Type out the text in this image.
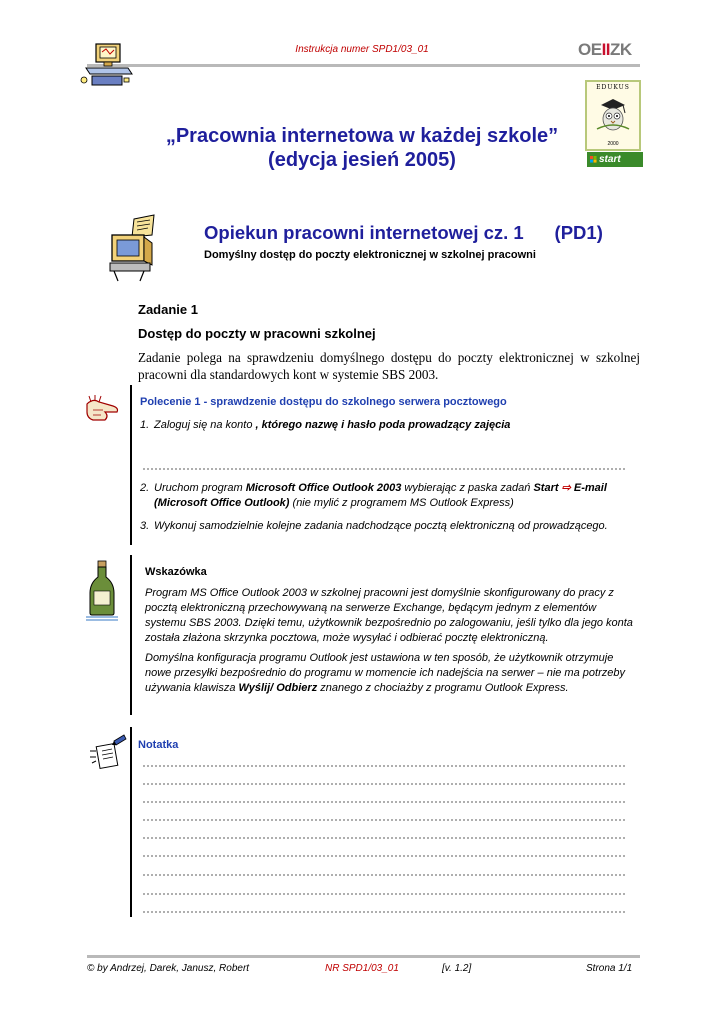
Instrukcja numer SPD1/03_01	OEIIZK
EDUKUS
2000
start
„Pracownia internetowa w każdej szkole”
(edycja jesień 2005)
Opiekun pracowni internetowej cz. 1      (PD1)
Domyślny dostęp do poczty elektronicznej w szkolnej pracowni
Zadanie 1
Dostęp do poczty w pracowni szkolnej
Zadanie polega na sprawdzeniu domyślnego dostępu do poczty elektronicznej w szkolnej pracowni dla standardowych kont w systemie SBS 2003.
Polecenie 1 - sprawdzenie dostępu do szkolnego serwera pocztowego
1. Zaloguj się na konto , którego nazwę i hasło poda prowadzący zajęcia
2. Uruchom program Microsoft Office Outlook 2003 wybierając z paska zadań Start ⇨ E-mail
(Microsoft Office Outlook) (nie mylić z programem MS Outlook Express)
3. Wykonuj samodzielnie kolejne zadania nadchodzące pocztą elektroniczną od prowadzącego.
Wskazówka
Program MS Office Outlook 2003 w szkolnej pracowni jest domyślnie skonfigurowany do pracy z pocztą elektroniczną przechowywaną na serwerze Exchange, będącym jednym z elementów systemu SBS 2003. Dzięki temu, użytkownik bezpośrednio po zalogowaniu, jeśli tylko dla jego konta została złażona skrzynka pocztowa, może wysyłać i odbierać pocztę elektroniczną.
Domyślna konfiguracja programu Outlook jest ustawiona w ten sposób, że użytkownik otrzymuje nowe przesyłki bezpośrednio do programu w momencie ich nadejścia na serwer – nie ma potrzeby używania klawisza Wyślij/ Odbierz znanego z chociażby z programu Outlook Express.
Notatka
© by Andrzej, Darek, Janusz, Robert	NR SPD1/03_01	[v. 1.2]	Strona 1/1
